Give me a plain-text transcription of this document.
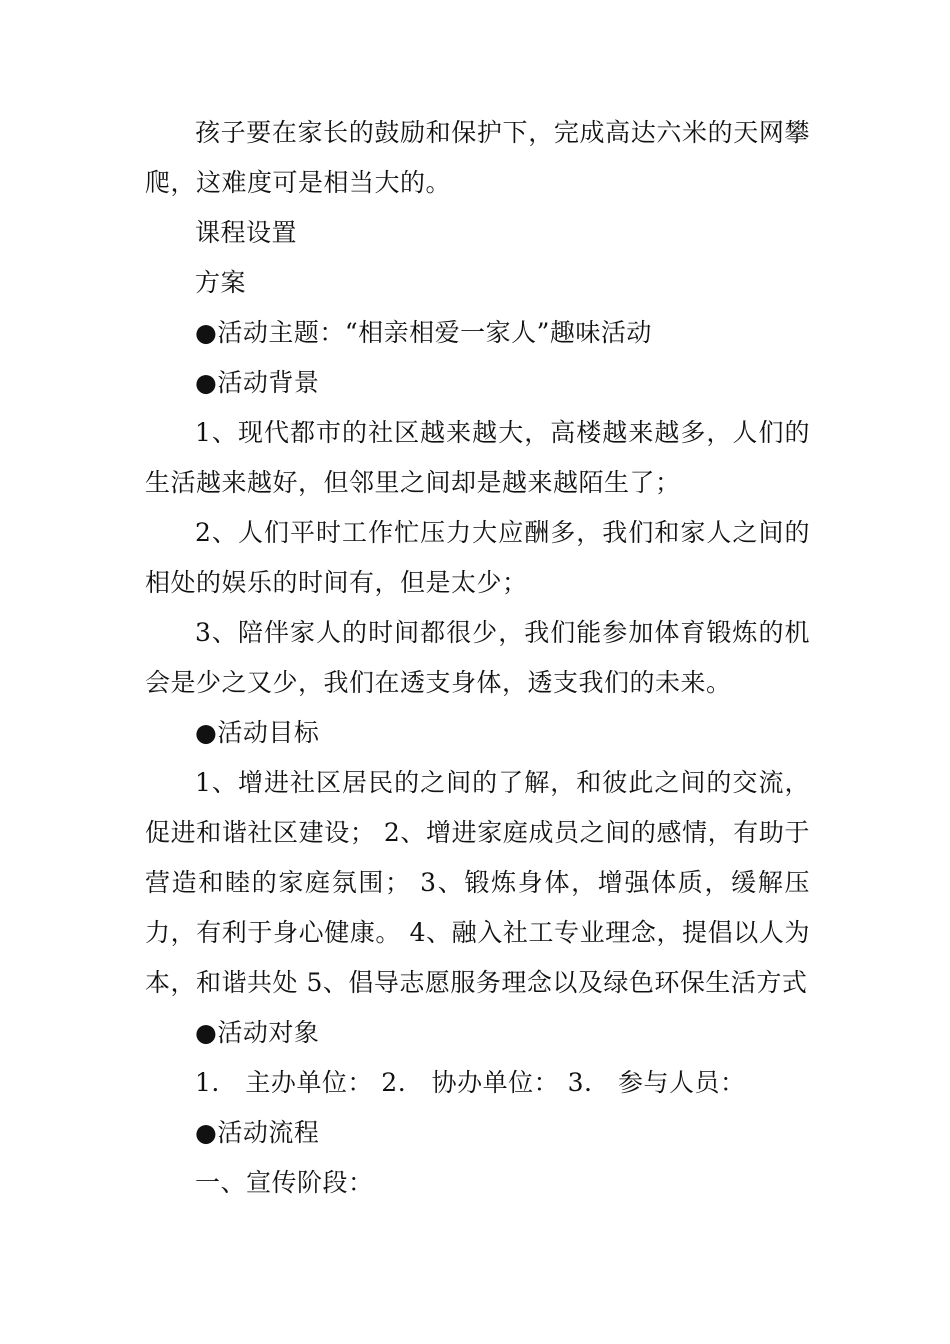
孩子要在家长的鼓励和保护下，完成高达六米的天网攀爬，这难度可是相当大的。

课程设置

方案

●活动主题：“相亲相爱一家人”趣味活动

●活动背景

1、现代都市的社区越来越大，高楼越来越多，人们的生活越来越好，但邻里之间却是越来越陌生了；

2、人们平时工作忙压力大应酬多，我们和家人之间的相处的娱乐的时间有，但是太少；

3、陪伴家人的时间都很少，我们能参加体育锻炼的机会是少之又少，我们在透支身体，透支我们的未来。

●活动目标

1、增进社区居民的之间的了解，和彼此之间的交流，促进和谐社区建设； 2、增进家庭成员之间的感情，有助于营造和睦的家庭氛围； 3、锻炼身体，增强体质，缓解压力，有利于身心健康。 4、融入社工专业理念，提倡以人为本，和谐共处 5、倡导志愿服务理念以及绿色环保生活方式

●活动对象

1.　主办单位： 2.　协办单位： 3.　参与人员：

●活动流程

一、宣传阶段：
